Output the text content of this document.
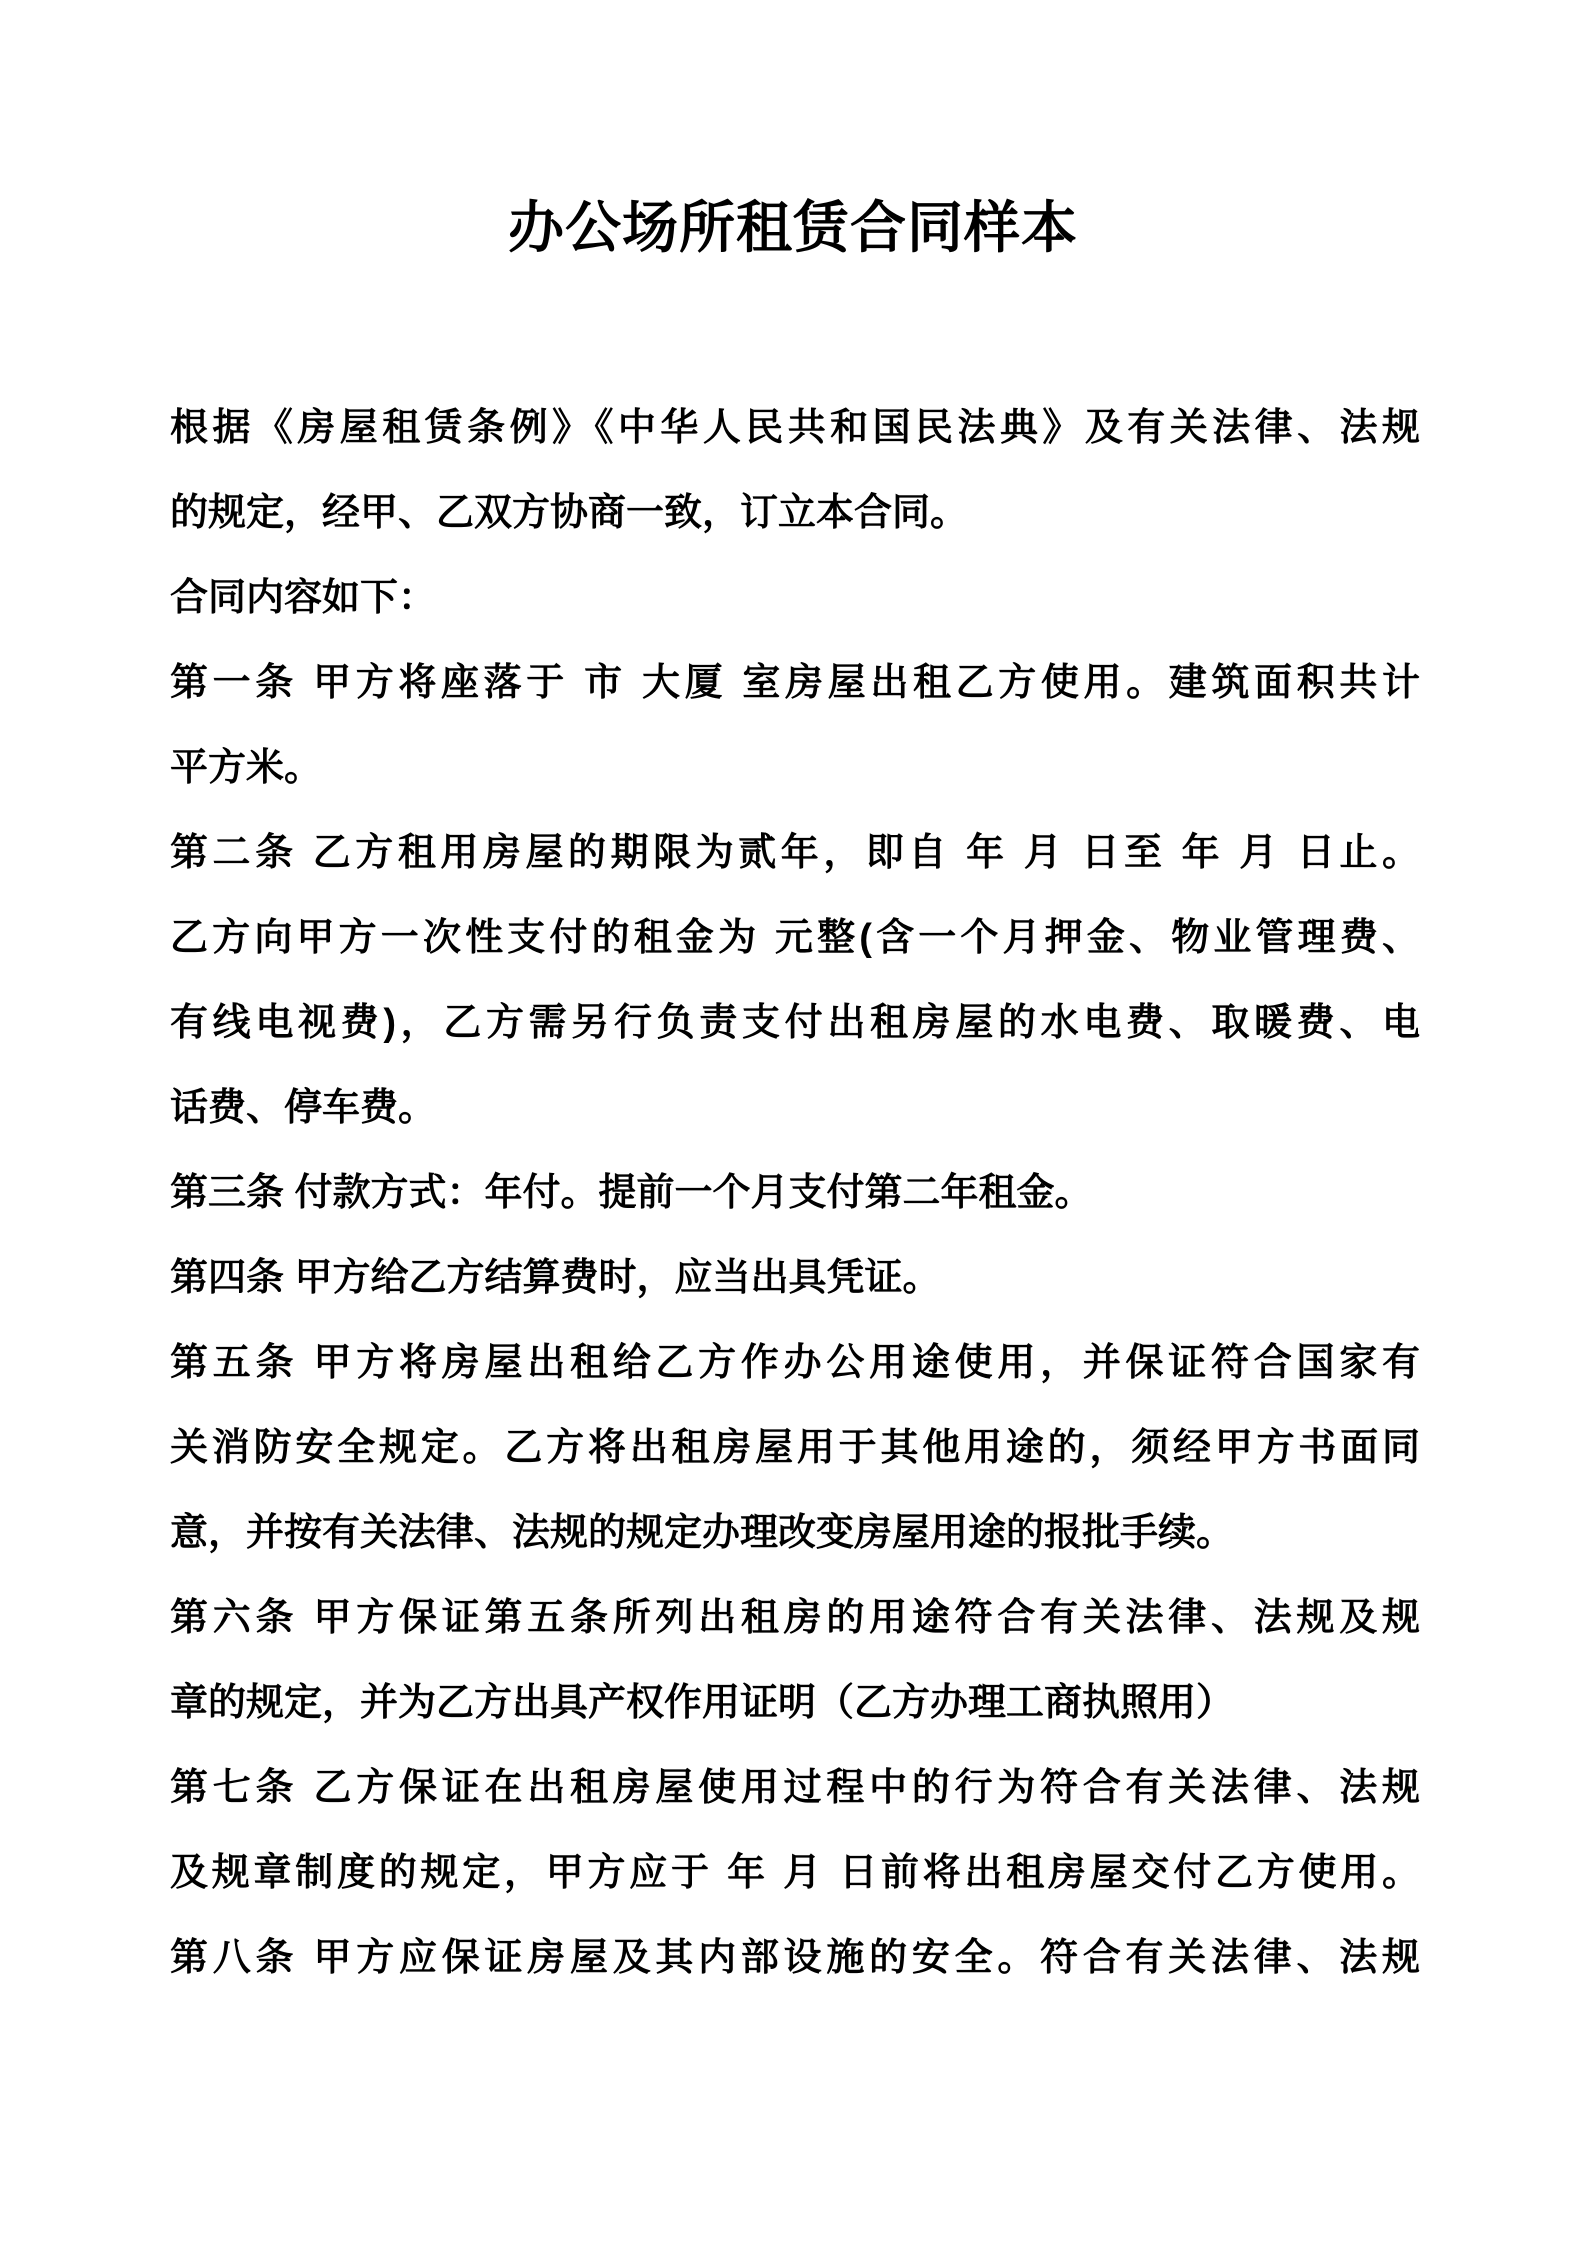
办公场所租赁合同样本
根据《房屋租赁条例》《中华人民共和国民法典》及有关法律、法规
的规定，经甲、乙双方协商一致，订立本合同。
合同内容如下：
第一条 甲方将座落于 市 大厦 室房屋出租乙方使用。建筑面积共计
平方米。
第二条 乙方租用房屋的期限为贰年，即自 年 月 日至 年 月 日止。
乙方向甲方一次性支付的租金为 元整(含一个月押金、物业管理费、
有线电视费)，乙方需另行负责支付出租房屋的水电费、取暖费、电
话费、停车费。
第三条 付款方式：年付。提前一个月支付第二年租金。
第四条 甲方给乙方结算费时，应当出具凭证。
第五条 甲方将房屋出租给乙方作办公用途使用，并保证符合国家有
关消防安全规定。乙方将出租房屋用于其他用途的，须经甲方书面同
意，并按有关法律、法规的规定办理改变房屋用途的报批手续。
第六条 甲方保证第五条所列出租房的用途符合有关法律、法规及规
章的规定，并为乙方出具产权作用证明（乙方办理工商执照用）
第七条 乙方保证在出租房屋使用过程中的行为符合有关法律、法规
及规章制度的规定，甲方应于 年 月 日前将出租房屋交付乙方使用。
第八条 甲方应保证房屋及其内部设施的安全。符合有关法律、法规
